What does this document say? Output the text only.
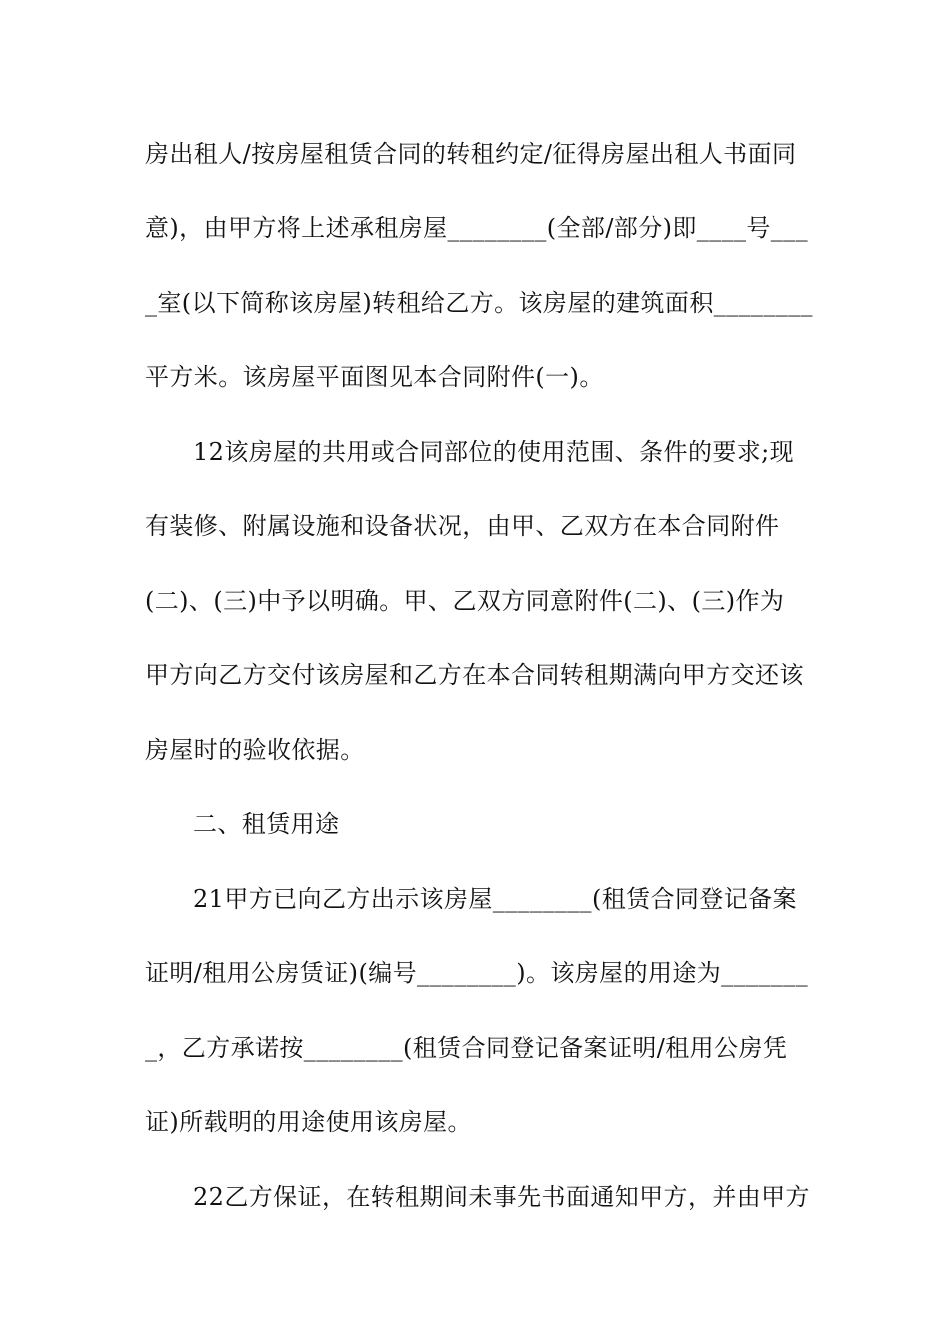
房出租人/按房屋租赁合同的转租约定/征得房屋出租人书面同
意)，由甲方将上述承租房屋________(全部/部分)即____号___
_室(以下简称该房屋)转租给乙方。该房屋的建筑面积________
平方米。该房屋平面图见本合同附件(一)。
12该房屋的共用或合同部位的使用范围、条件的要求;现
有装修、附属设施和设备状况，由甲、乙双方在本合同附件
(二)、(三)中予以明确。甲、乙双方同意附件(二)、(三)作为
甲方向乙方交付该房屋和乙方在本合同转租期满向甲方交还该
房屋时的验收依据。
二、租赁用途
21甲方已向乙方出示该房屋________(租赁合同登记备案
证明/租用公房赁证)(编号________)。该房屋的用途为_______
_，乙方承诺按________(租赁合同登记备案证明/租用公房凭
证)所载明的用途使用该房屋。
22乙方保证，在转租期间未事先书面通知甲方，并由甲方
